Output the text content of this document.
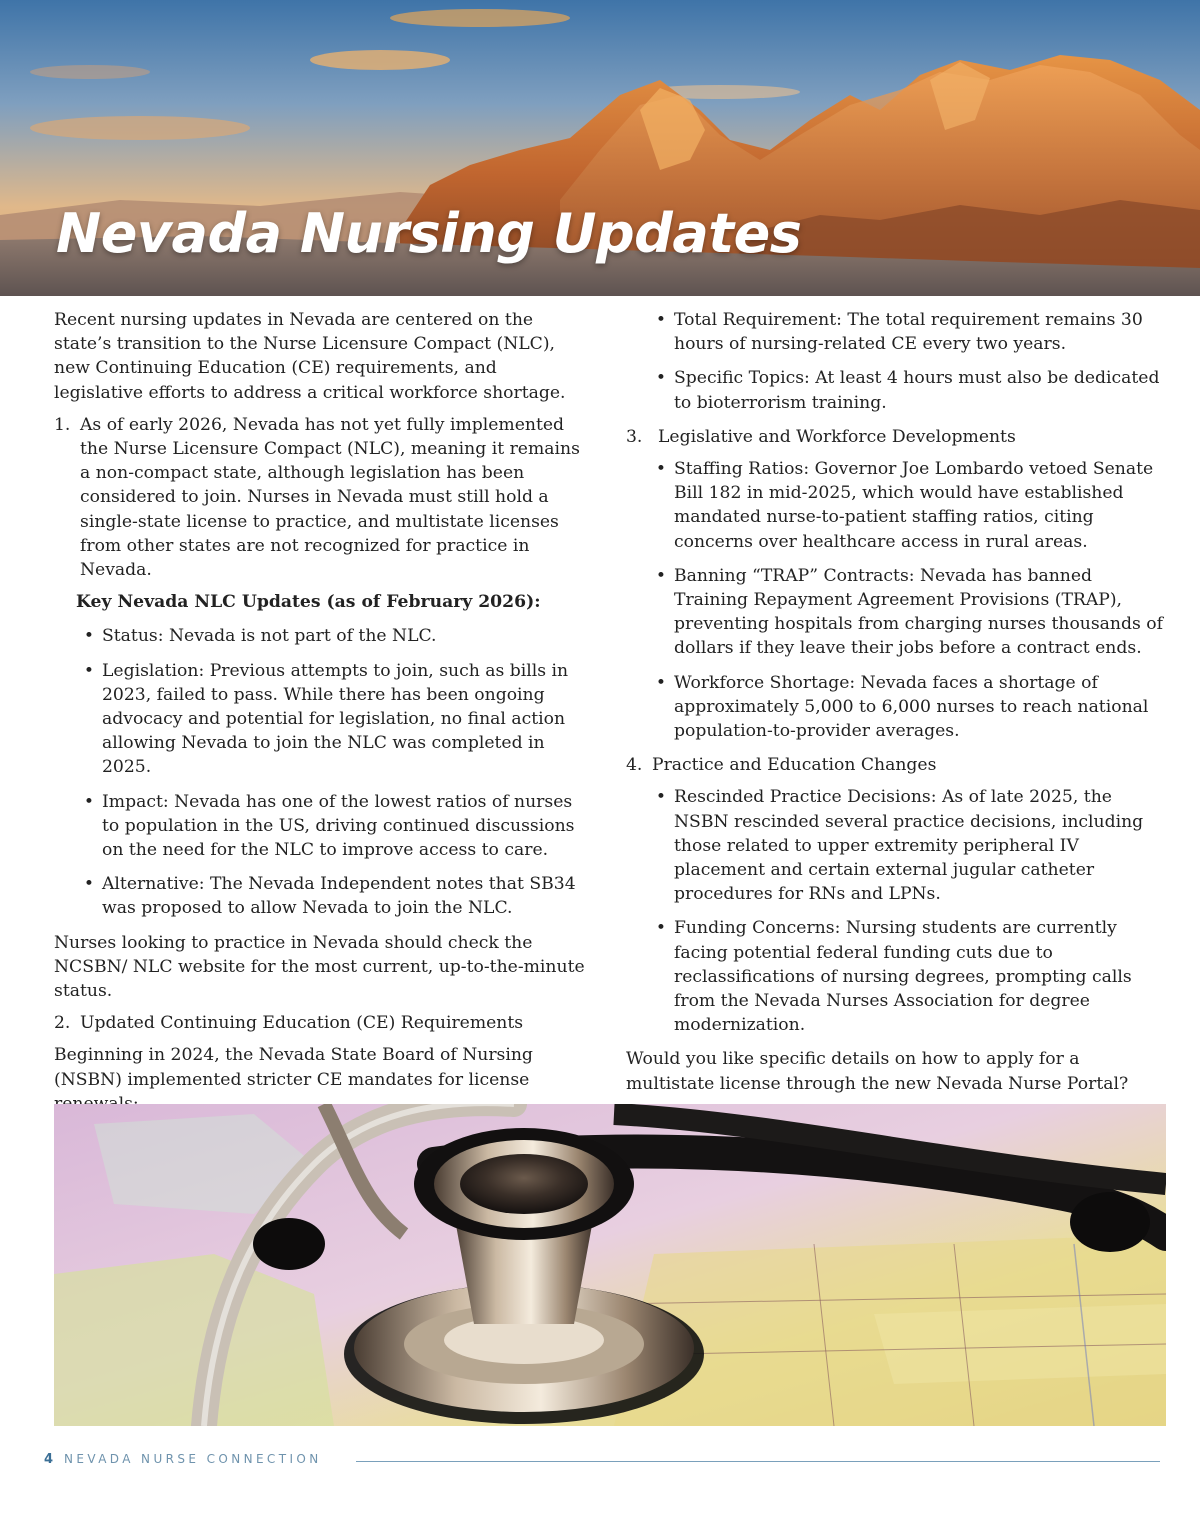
Nevada Nursing Updates

Recent nursing updates in Nevada are centered on the state’s transition to the Nurse Licensure Compact (NLC), new Continuing Education (CE) requirements, and legislative efforts to address a critical workforce shortage.

1. As of early 2026, Nevada has not yet fully implemented the Nurse Licensure Compact (NLC), meaning it remains a non-compact state, although legislation has been considered to join. Nurses in Nevada must still hold a single-state license to practice, and multistate licenses from other states are not recognized for practice in Nevada.
Key Nevada NLC Updates (as of February 2026):
• Status: Nevada is not part of the NLC.
• Legislation: Previous attempts to join, such as bills in 2023, failed to pass. While there has been ongoing advocacy and potential for legislation, no final action allowing Nevada to join the NLC was completed in 2025.
• Impact: Nevada has one of the lowest ratios of nurses to population in the US, driving continued discussions on the need for the NLC to improve access to care.
• Alternative: The Nevada Independent notes that SB34 was proposed to allow Nevada to join the NLC.

Nurses looking to practice in Nevada should check the NCSBN/ NLC website for the most current, up-to-the-minute status.

2. Updated Continuing Education (CE) Requirements

Beginning in 2024, the Nevada State Board of Nursing (NSBN) implemented stricter CE mandates for license

• Total Requirement: The total requirement remains 30 hours of nursing-related CE every two years.
• Specific Topics: At least 4 hours must also be dedicated to bioterrorism training.
3. Legislative and Workforce Developments
• Staffing Ratios: Governor Joe Lombardo vetoed Senate Bill 182 in mid-2025, which would have established mandated nurse-to-patient staffing ratios, citing concerns over healthcare access in rural areas.
• Banning “TRAP” Contracts: Nevada has banned Training Repayment Agreement Provisions (TRAP), preventing hospitals from charging nurses thousands of dollars if they leave their jobs before a contract ends.
• Workforce Shortage: Nevada faces a shortage of approximately 5,000 to 6,000 nurses to reach national population-to-provider averages.
4. Practice and Education Changes
• Rescinded Practice Decisions: As of late 2025, the NSBN rescinded several practice decisions, including those related to upper extremity peripheral IV placement and certain external jugular catheter procedures for RNs and LPNs.
• Funding Concerns: Nursing students are currently facing potential federal funding cuts due to reclassifications of nursing degrees, prompting calls from the Nevada Nurses Association for degree modernization.

Would you like specific details on how to apply for a multistate license through the new Nevada Nurse Portal?

4 NEVADA NURSE CONNECTION
